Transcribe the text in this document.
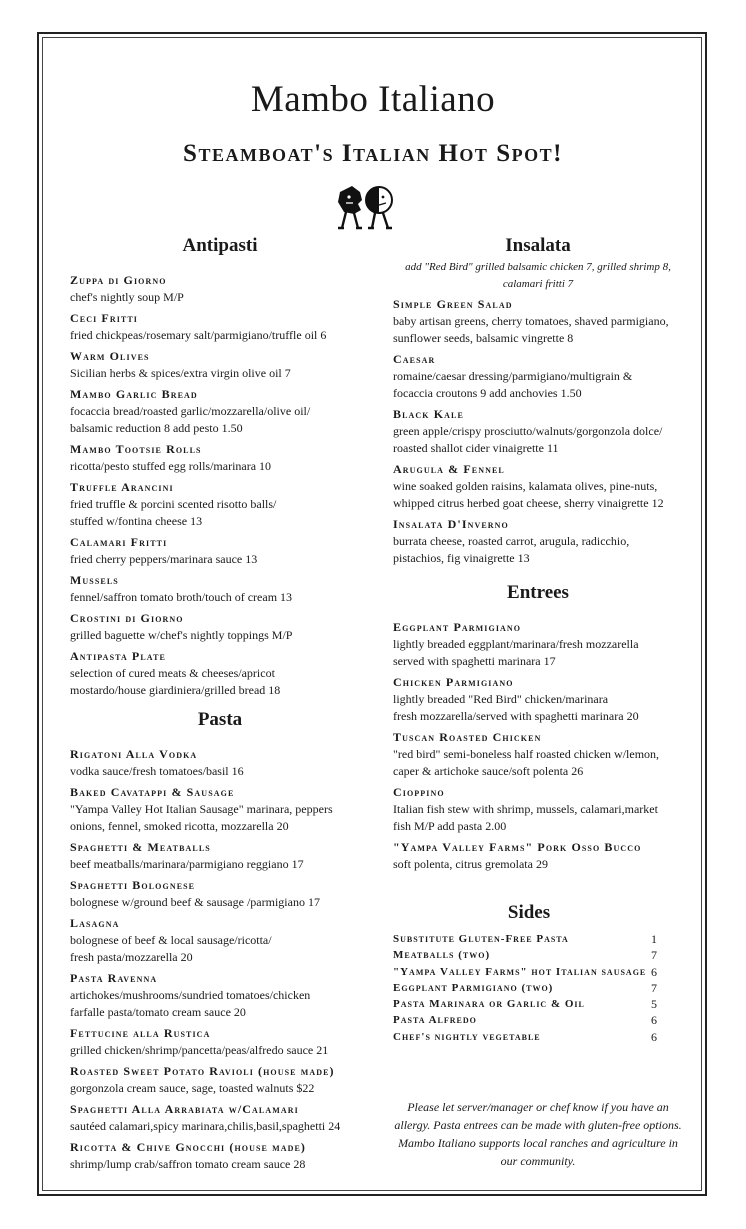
Mambo Italiano
Steamboat's Italian Hot Spot!
Antipasti
Zuppa di Giorno
chef's nightly soup M/P
Ceci Fritti
fried chickpeas/rosemary salt/parmigiano/truffle oil 6
Warm Olives
Sicilian herbs & spices/extra virgin olive oil 7
Mambo Garlic Bread
focaccia bread/roasted garlic/mozzarella/olive oil/
balsamic reduction 8 add pesto 1.50
Mambo Tootsie Rolls
ricotta/pesto stuffed egg rolls/marinara 10
Truffle Arancini
fried truffle & porcini scented risotto balls/
stuffed w/fontina cheese 13
Calamari Fritti
fried cherry peppers/marinara sauce 13
Mussels
fennel/saffron tomato broth/touch of cream 13
Crostini di Giorno
grilled baguette w/chef's nightly toppings M/P
Antipasta Plate
selection of cured meats & cheeses/apricot
mostardo/house giardiniera/grilled bread 18
Pasta
Rigatoni Alla Vodka
vodka sauce/fresh tomatoes/basil 16
Baked Cavatappi & Sausage
"Yampa Valley Hot Italian Sausage" marinara, peppers
onions, fennel, smoked ricotta, mozzarella 20
Spaghetti & Meatballs
beef meatballs/marinara/parmigiano reggiano 17
Spaghetti Bolognese
bolognese w/ground beef & sausage /parmigiano 17
Lasagna
bolognese of beef & local sausage/ricotta/
fresh pasta/mozzarella 20
Pasta Ravenna
artichokes/mushrooms/sundried tomatoes/chicken
farfalle pasta/tomato cream sauce 20
Fettucine alla Rustica
grilled chicken/shrimp/pancetta/peas/alfredo sauce 21
Roasted Sweet Potato Ravioli (house made)
gorgonzola cream sauce, sage, toasted walnuts $22
Spaghetti Alla Arrabiata w/Calamari
sautéed calamari,spicy marinara,chilis,basil,spaghetti 24
Ricotta & Chive Gnocchi (house made)
shrimp/lump crab/saffron tomato cream sauce 28
Insalata
add "Red Bird" grilled balsamic chicken 7, grilled shrimp 8, calamari fritti 7
Simple Green Salad
baby artisan greens, cherry tomatoes, shaved parmigiano,
sunflower seeds, balsamic vingrette 8
Caesar
romaine/caesar dressing/parmigiano/multigrain &
focaccia croutons 9 add anchovies 1.50
Black Kale
green apple/crispy prosciutto/walnuts/gorgonzola dolce/
roasted shallot cider vinaigrette 11
Arugula & Fennel
wine soaked golden raisins, kalamata olives, pine-nuts,
whipped citrus herbed goat cheese, sherry vinaigrette 12
Insalata D'Inverno
burrata cheese, roasted carrot, arugula, radicchio,
pistachios, fig vinaigrette 13
Entrees
Eggplant Parmigiano
lightly breaded eggplant/marinara/fresh mozzarella
served with spaghetti marinara 17
Chicken Parmigiano
lightly breaded "Red Bird" chicken/marinara
fresh mozzarella/served with spaghetti marinara 20
Tuscan Roasted Chicken
"red bird" semi-boneless half roasted chicken w/lemon,
caper & artichoke sauce/soft polenta 26
Cioppino
Italian fish stew with shrimp, mussels, calamari,market
fish M/P add pasta 2.00
"Yampa Valley Farms" Pork Osso Bucco
soft polenta, citrus gremolata 29
Sides
Substitute Gluten-Free Pasta	1
Meatballs (two)	7
"Yampa Valley Farms" hot Italian sausage 6
Eggplant Parmigiano (two)	7
Pasta Marinara or Garlic & Oil	5
Pasta Alfredo	6
Chef's nightly vegetable	6
Please let server/manager or chef know if you have an allergy. Pasta entrees can be made with gluten-free options. Mambo Italiano supports local ranches and agriculture in our community.
